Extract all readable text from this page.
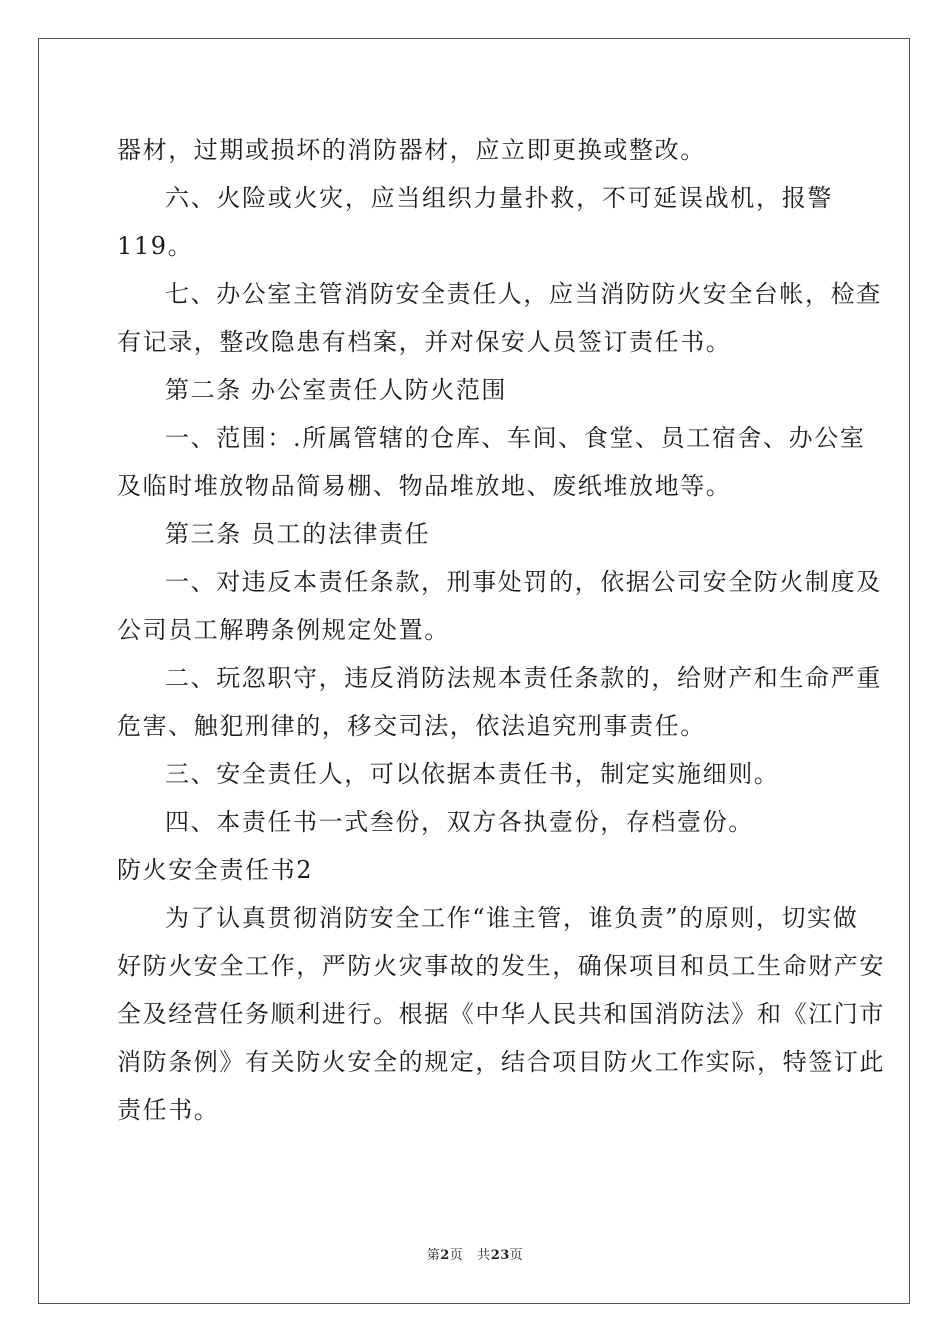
器材，过期或损坏的消防器材，应立即更换或整改。
六、火险或火灾，应当组织力量扑救，不可延误战机，报警
119。
七、办公室主管消防安全责任人，应当消防防火安全台帐，检查
有记录，整改隐患有档案，并对保安人员签订责任书。
第二条 办公室责任人防火范围
一、范围：.所属管辖的仓库、车间、食堂、员工宿舍、办公室
及临时堆放物品简易棚、物品堆放地、废纸堆放地等。
第三条 员工的法律责任
一、对违反本责任条款，刑事处罚的，依据公司安全防火制度及
公司员工解聘条例规定处置。
二、玩忽职守，违反消防法规本责任条款的，给财产和生命严重
危害、触犯刑律的，移交司法，依法追究刑事责任。
三、安全责任人，可以依据本责任书，制定实施细则。
四、本责任书一式叁份，双方各执壹份，存档壹份。
防火安全责任书2
为了认真贯彻消防安全工作“谁主管，谁负责”的原则，切实做
好防火安全工作，严防火灾事故的发生，确保项目和员工生命财产安
全及经营任务顺利进行。根据《中华人民共和国消防法》和《江门市
消防条例》有关防火安全的规定，结合项目防火工作实际，特签订此
责任书。
第2页 共23页
